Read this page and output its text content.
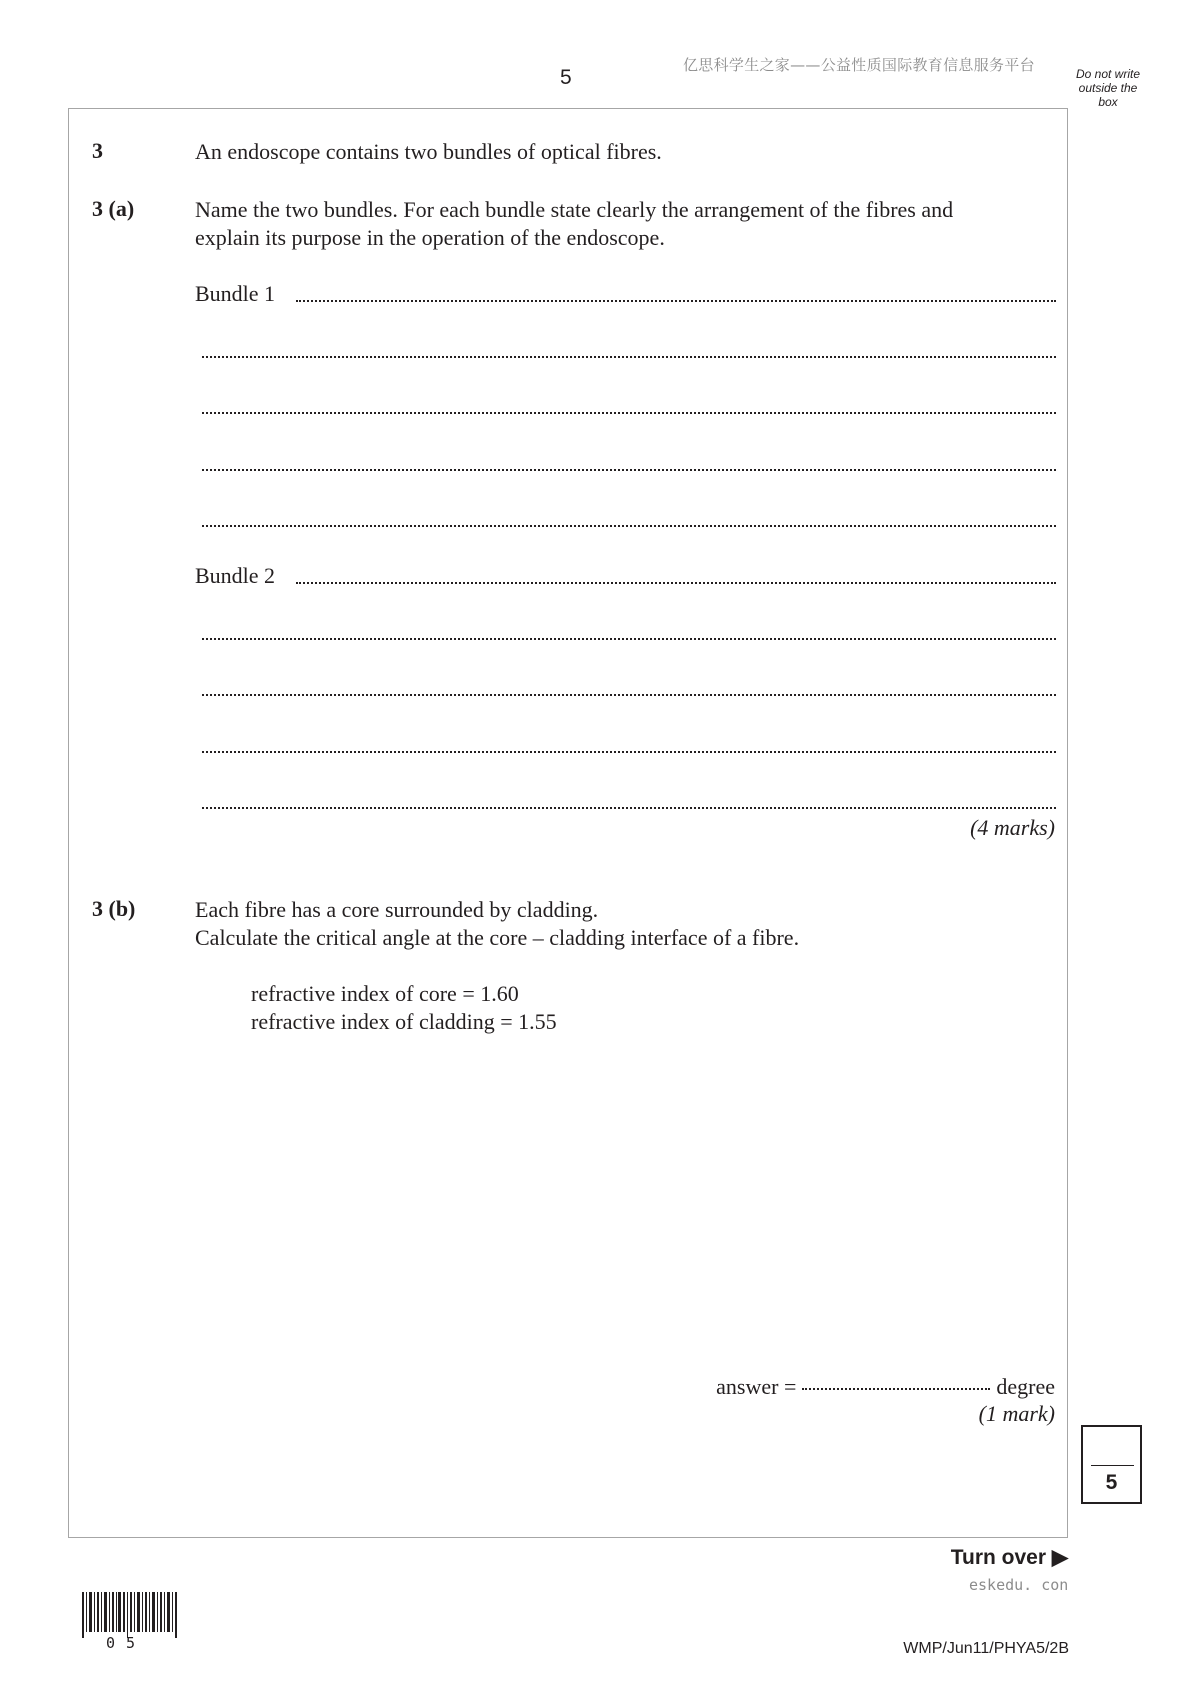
5
亿思科学生之家——公益性质国际教育信息服务平台	Do not write
outside the
box
3	An endoscope contains two bundles of optical fibres.
3 (a)	Name the two bundles. For each bundle state clearly the arrangement of the fibres and
explain its purpose in the operation of the endoscope.
Bundle 1
Bundle 2
(4 marks)
3 (b)	Each fibre has a core surrounded by cladding.
Calculate the critical angle at the core – cladding interface of a fibre.
refractive index of core = 1.60
refractive index of cladding = 1.55
answer =	degree
(1 mark)
5
Turn over ▶
eskedu. con
05	WMP/Jun11/PHYA5/2B
